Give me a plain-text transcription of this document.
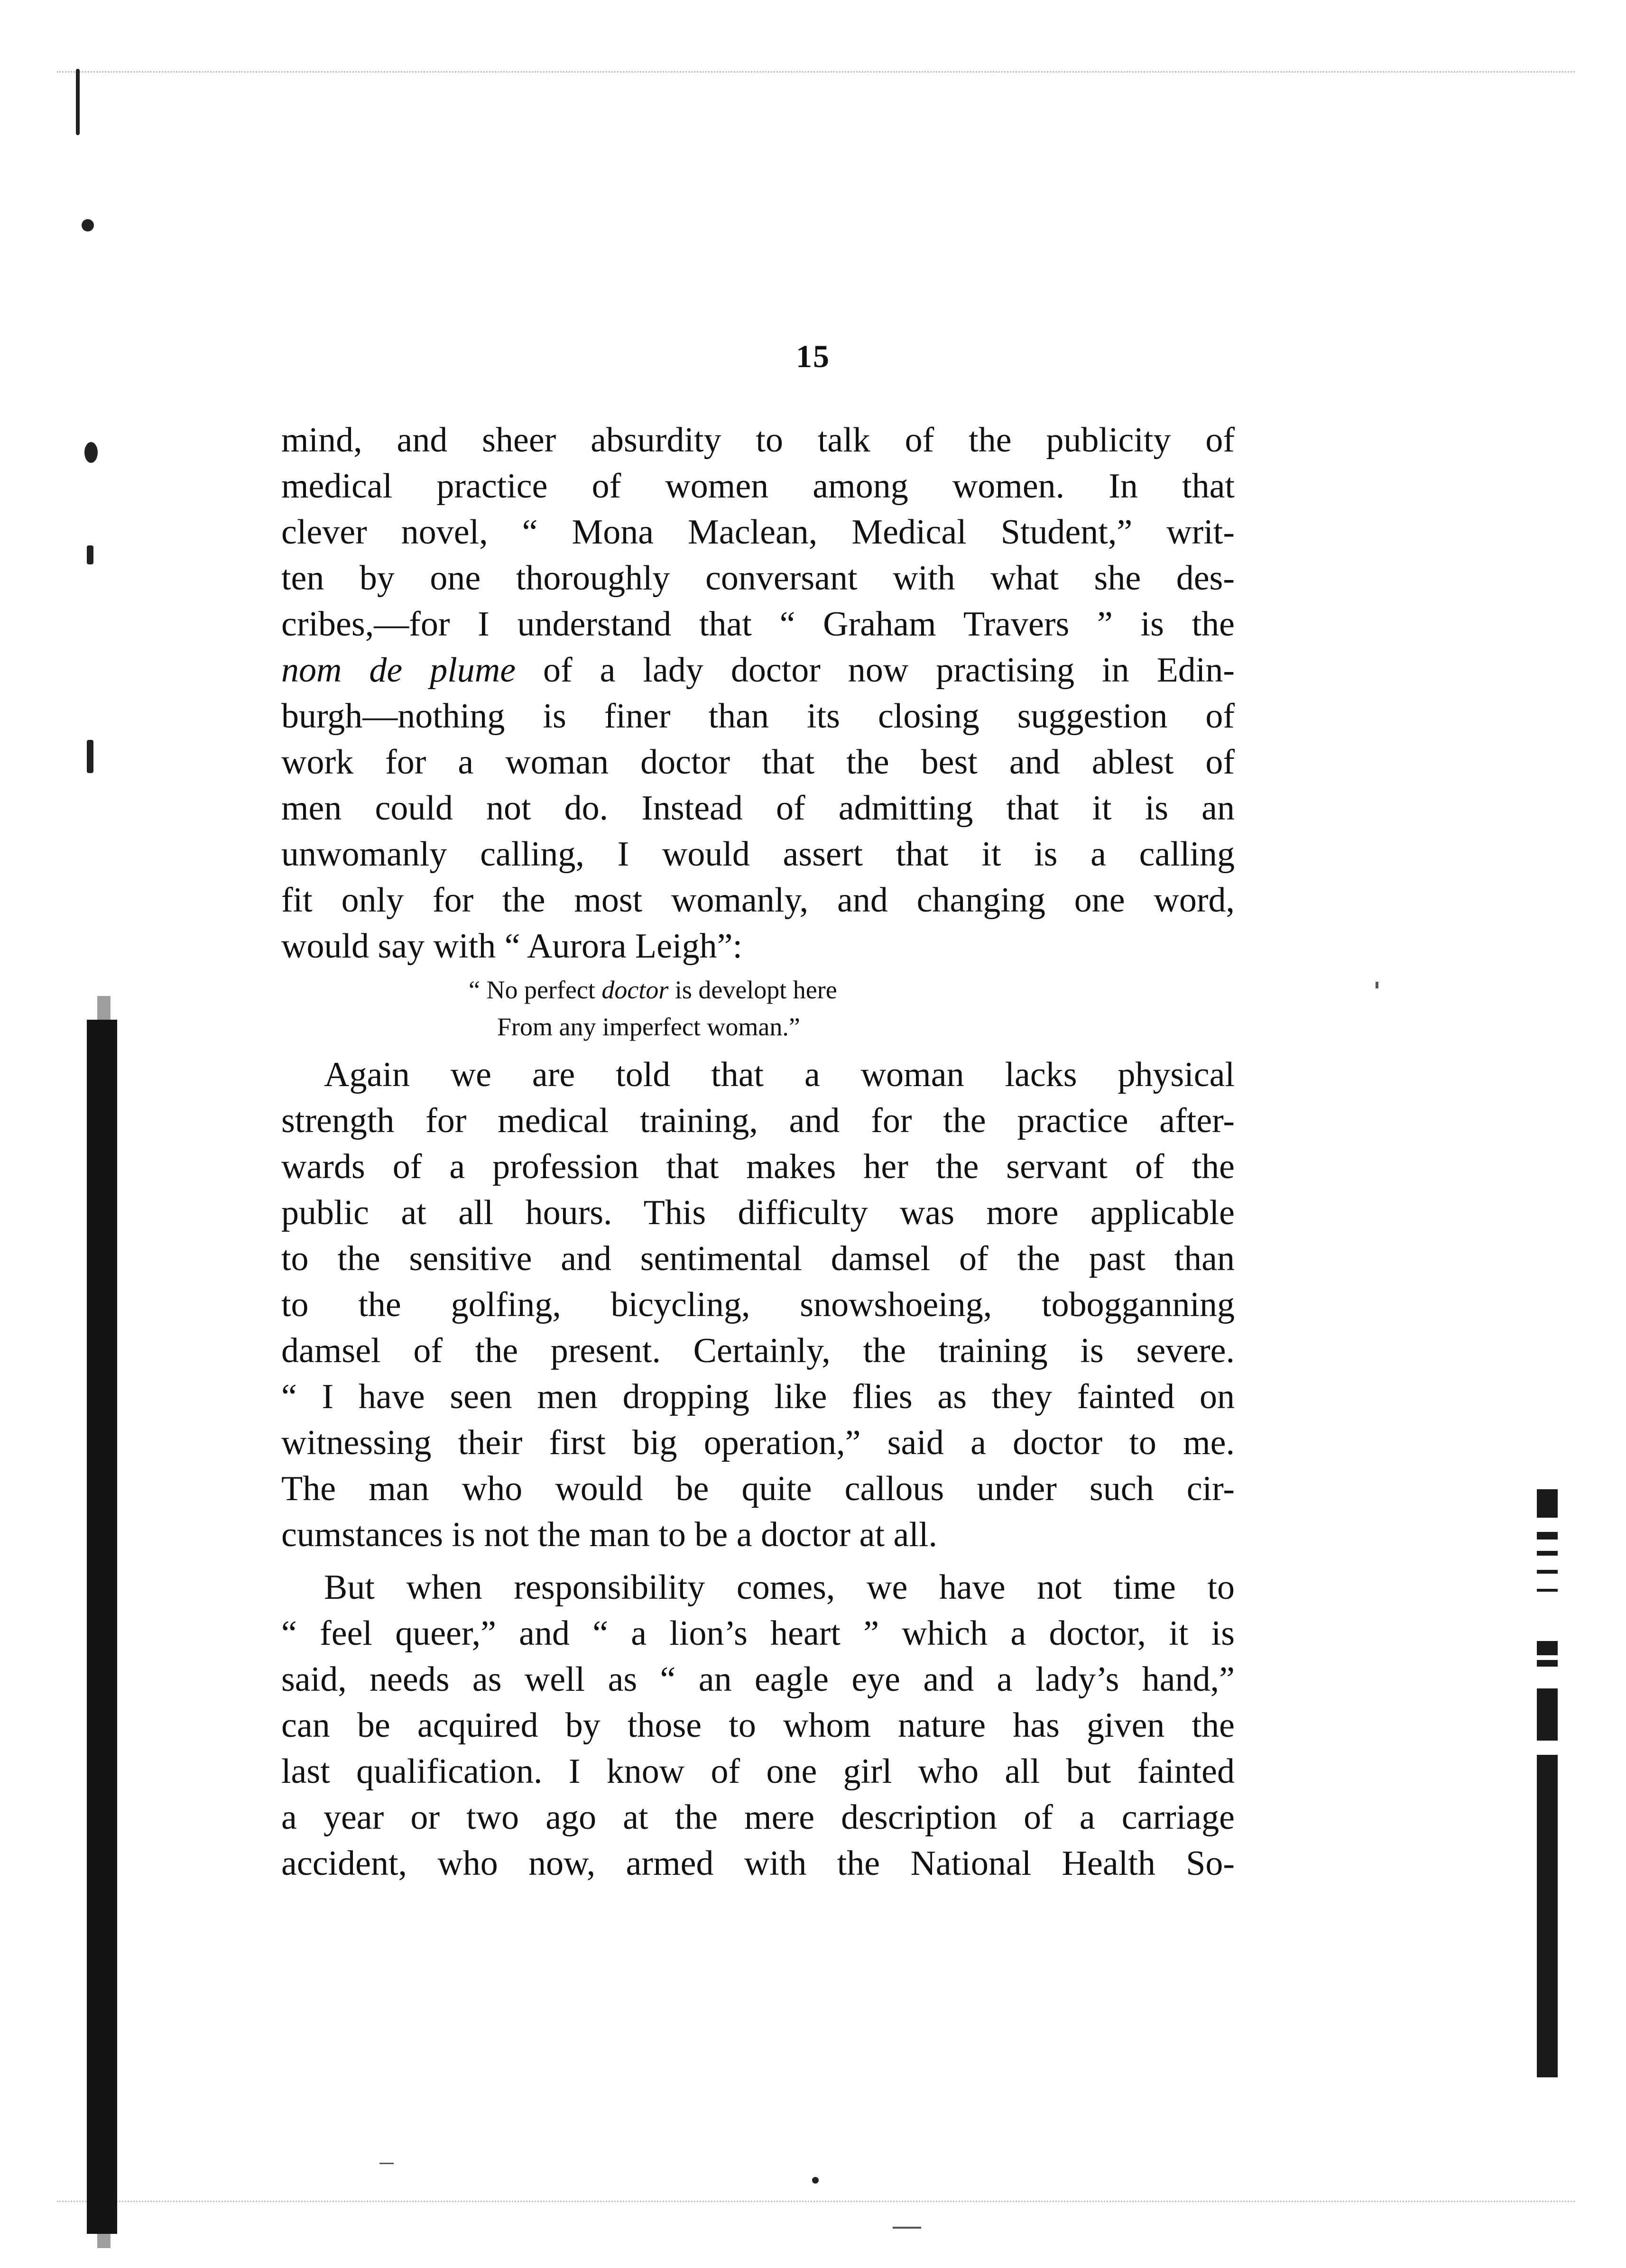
15
mind, and sheer absurdity to talk of the publicity of
medical practice of women among women. In that
clever novel, “ Mona Maclean, Medical Student,” writ-
ten by one thoroughly conversant with what she des-
cribes,—for I understand that “ Graham Travers ” is the
nom de plume of a lady doctor now practising in Edin-
burgh—nothing is finer than its closing suggestion of
work for a woman doctor that the best and ablest of
men could not do. Instead of admitting that it is an
unwomanly calling, I would assert that it is a calling
fit only for the most womanly, and changing one word,
would say with “ Aurora Leigh”:
“ No perfect doctor is developt here
From any imperfect woman.”
Again we are told that a woman lacks physical
strength for medical training, and for the practice after-
wards of a profession that makes her the servant of the
public at all hours. This difficulty was more applicable
to the sensitive and sentimental damsel of the past than
to the golfing, bicycling, snowshoeing, tobogganning
damsel of the present. Certainly, the training is severe.
“ I have seen men dropping like flies as they fainted on
witnessing their first big operation,” said a doctor to me.
The man who would be quite callous under such cir-
cumstances is not the man to be a doctor at all.
But when responsibility comes, we have not time to
“ feel queer,” and “ a lion’s heart ” which a doctor, it is
said, needs as well as “ an eagle eye and a lady’s hand,”
can be acquired by those to whom nature has given the
last qualification. I know of one girl who all but fainted
a year or two ago at the mere description of a carriage
accident, who now, armed with the National Health So-
